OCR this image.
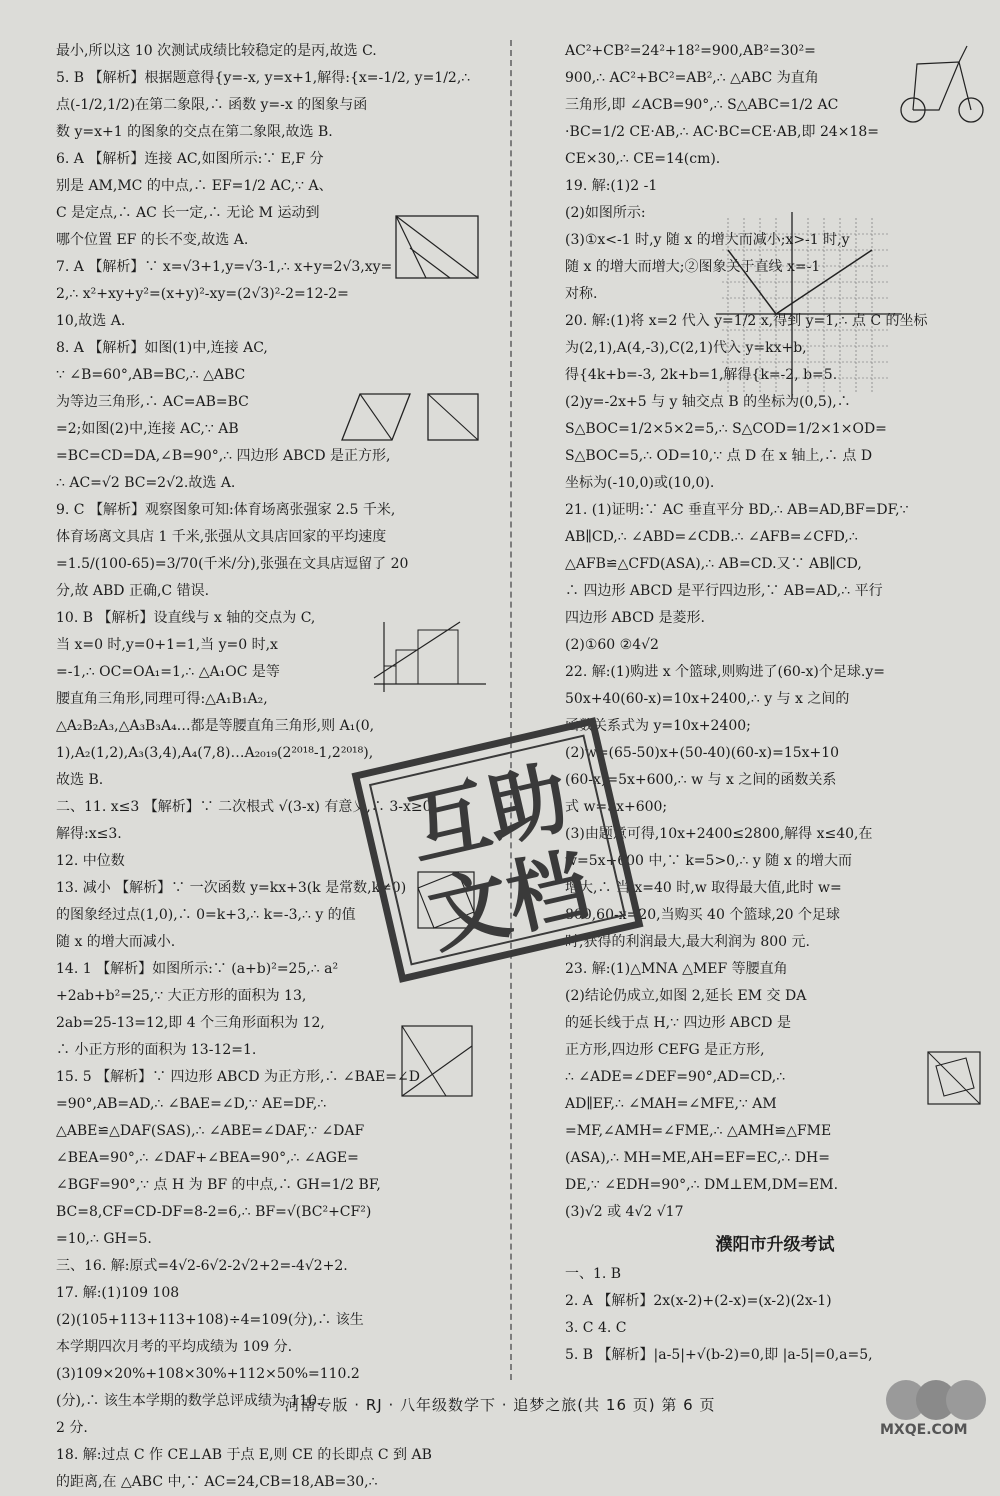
最小,所以这 10 次测试成绩比较稳定的是丙,故选 C.
5. B 【解析】根据题意得{y=-x, y=x+1,解得:{x=-1/2, y=1/2,∴
点(-1/2,1/2)在第二象限,∴ 函数 y=-x 的图象与函
数 y=x+1 的图象的交点在第二象限,故选 B.
6. A 【解析】连接 AC,如图所示:∵ E,F 分
别是 AM,MC 的中点,∴ EF=1/2 AC,∵ A、
C 是定点,∴ AC 长一定,∴ 无论 M 运动到
哪个位置 EF 的长不变,故选 A.
7. A 【解析】∵ x=√3+1,y=√3-1,∴ x+y=2√3,xy=
2,∴ x²+xy+y²=(x+y)²-xy=(2√3)²-2=12-2=
10,故选 A.
8. A 【解析】如图(1)中,连接 AC,
∵ ∠B=60°,AB=BC,∴ △ABC
为等边三角形,∴ AC=AB=BC
=2;如图(2)中,连接 AC,∵ AB
=BC=CD=DA,∠B=90°,∴ 四边形 ABCD 是正方形,
∴ AC=√2 BC=2√2.故选 A.
9. C 【解析】观察图象可知:体育场离张强家 2.5 千米,
体育场离文具店 1 千米,张强从文具店回家的平均速度
=1.5/(100-65)=3/70(千米/分),张强在文具店逗留了 20
分,故 ABD 正确,C 错误.
10. B 【解析】设直线与 x 轴的交点为 C,
当 x=0 时,y=0+1=1,当 y=0 时,x
=-1,∴ OC=OA₁=1,∴ △A₁OC 是等
腰直角三角形,同理可得:△A₁B₁A₂,
△A₂B₂A₃,△A₃B₃A₄…都是等腰直角三角形,则 A₁(0,
1),A₂(1,2),A₃(3,4),A₄(7,8)…A₂₀₁₉(2²⁰¹⁸-1,2²⁰¹⁸),
故选 B.
二、11. x≤3 【解析】∵ 二次根式 √(3-x) 有意义,∴ 3-x≥0,
解得:x≤3.
12. 中位数
13. 减小 【解析】∵ 一次函数 y=kx+3(k 是常数,k≠0)
的图象经过点(1,0),∴ 0=k+3,∴ k=-3,∴ y 的值
随 x 的增大而减小.
14. 1 【解析】如图所示:∵ (a+b)²=25,∴ a²
+2ab+b²=25,∵ 大正方形的面积为 13,
2ab=25-13=12,即 4 个三角形面积为 12,
∴ 小正方形的面积为 13-12=1.
15. 5 【解析】∵ 四边形 ABCD 为正方形,∴ ∠BAE=∠D
=90°,AB=AD,∴ ∠BAE=∠D,∵ AE=DF,∴
△ABE≌△DAF(SAS),∴ ∠ABE=∠DAF,∵ ∠DAF
∠BEA=90°,∴ ∠DAF+∠BEA=90°,∴ ∠AGE=
∠BGF=90°,∵ 点 H 为 BF 的中点,∴ GH=1/2 BF,
BC=8,CF=CD-DF=8-2=6,∴ BF=√(BC²+CF²)
=10,∴ GH=5.
三、16. 解:原式=4√2-6√2-2√2+2=-4√2+2.
17. 解:(1)109 108
(2)(105+113+113+108)÷4=109(分),∴ 该生
本学期四次月考的平均成绩为 109 分.
(3)109×20%+108×30%+112×50%=110.2
(分),∴ 该生本学期的数学总评成绩为 110.
2 分.
18. 解:过点 C 作 CE⊥AB 于点 E,则 CE 的长即点 C 到 AB
的距离,在 △ABC 中,∵ AC=24,CB=18,AB=30,∴
AC²+CB²=24²+18²=900,AB²=30²=
900,∴ AC²+BC²=AB²,∴ △ABC 为直角
三角形,即 ∠ACB=90°,∴ S△ABC=1/2 AC
·BC=1/2 CE·AB,∴ AC·BC=CE·AB,即 24×18=
CE×30,∴ CE=14(cm).
19. 解:(1)2 -1
(2)如图所示:
(3)①x<-1 时,y 随 x 的增大而减小;x>-1 时,y
随 x 的增大而增大;②图象关于直线 x=-1
对称.
20. 解:(1)将 x=2 代入 y=1/2 x,得到 y=1,∴ 点 C 的坐标
为(2,1),A(4,-3),C(2,1)代入 y=kx+b,
得{4k+b=-3, 2k+b=1,解得{k=-2, b=5.
(2)y=-2x+5 与 y 轴交点 B 的坐标为(0,5),∴
S△BOC=1/2×5×2=5,∴ S△COD=1/2×1×OD=
S△BOC=5,∴ OD=10,∵ 点 D 在 x 轴上,∴ 点 D
坐标为(-10,0)或(10,0).
21. (1)证明:∵ AC 垂直平分 BD,∴ AB=AD,BF=DF,∵
AB∥CD,∴ ∠ABD=∠CDB.∴ ∠AFB=∠CFD,∴
△AFB≌△CFD(ASA),∴ AB=CD.又∵ AB∥CD,
∴ 四边形 ABCD 是平行四边形,∵ AB=AD,∴ 平行
四边形 ABCD 是菱形.
(2)①60 ②4√2
22. 解:(1)购进 x 个篮球,则购进了(60-x)个足球.y=
50x+40(60-x)=10x+2400,∴ y 与 x 之间的
函数关系式为 y=10x+2400;
(2)w=(65-50)x+(50-40)(60-x)=15x+10
(60-x)=5x+600,∴ w 与 x 之间的函数关系
式 w=5x+600;
(3)由题意可得,10x+2400≤2800,解得 x≤40,在
w=5x+600 中,∵ k=5>0,∴ y 随 x 的增大而
增大,∴ 当 x=40 时,w 取得最大值,此时 w=
800,60-x=20,当购买 40 个篮球,20 个足球
时,获得的利润最大,最大利润为 800 元.
23. 解:(1)△MNA △MEF 等腰直角
(2)结论仍成立,如图 2,延长 EM 交 DA
的延长线于点 H,∵ 四边形 ABCD 是
正方形,四边形 CEFG 是正方形,
∴ ∠ADE=∠DEF=90°,AD=CD,∴
AD∥EF,∴ ∠MAH=∠MFE,∵ AM
=MF,∠AMH=∠FME,∴ △AMH≌△FME
(ASA),∴ MH=ME,AH=EF=EC,∴ DH=
DE,∵ ∠EDH=90°,∴ DM⊥EM,DM=EM.
(3)√2 或 4√2 √17
濮阳市升级考试
一、1. B
2. A 【解析】2x(x-2)+(2-x)=(x-2)(2x-1)
3. C 4. C
5. B 【解析】|a-5|+√(b-2)=0,即 |a-5|=0,a=5,
互助
文档
河南专版 · RJ · 八年级数学下 · 追梦之旅(共 16 页) 第 6 页
MXQE.COM
